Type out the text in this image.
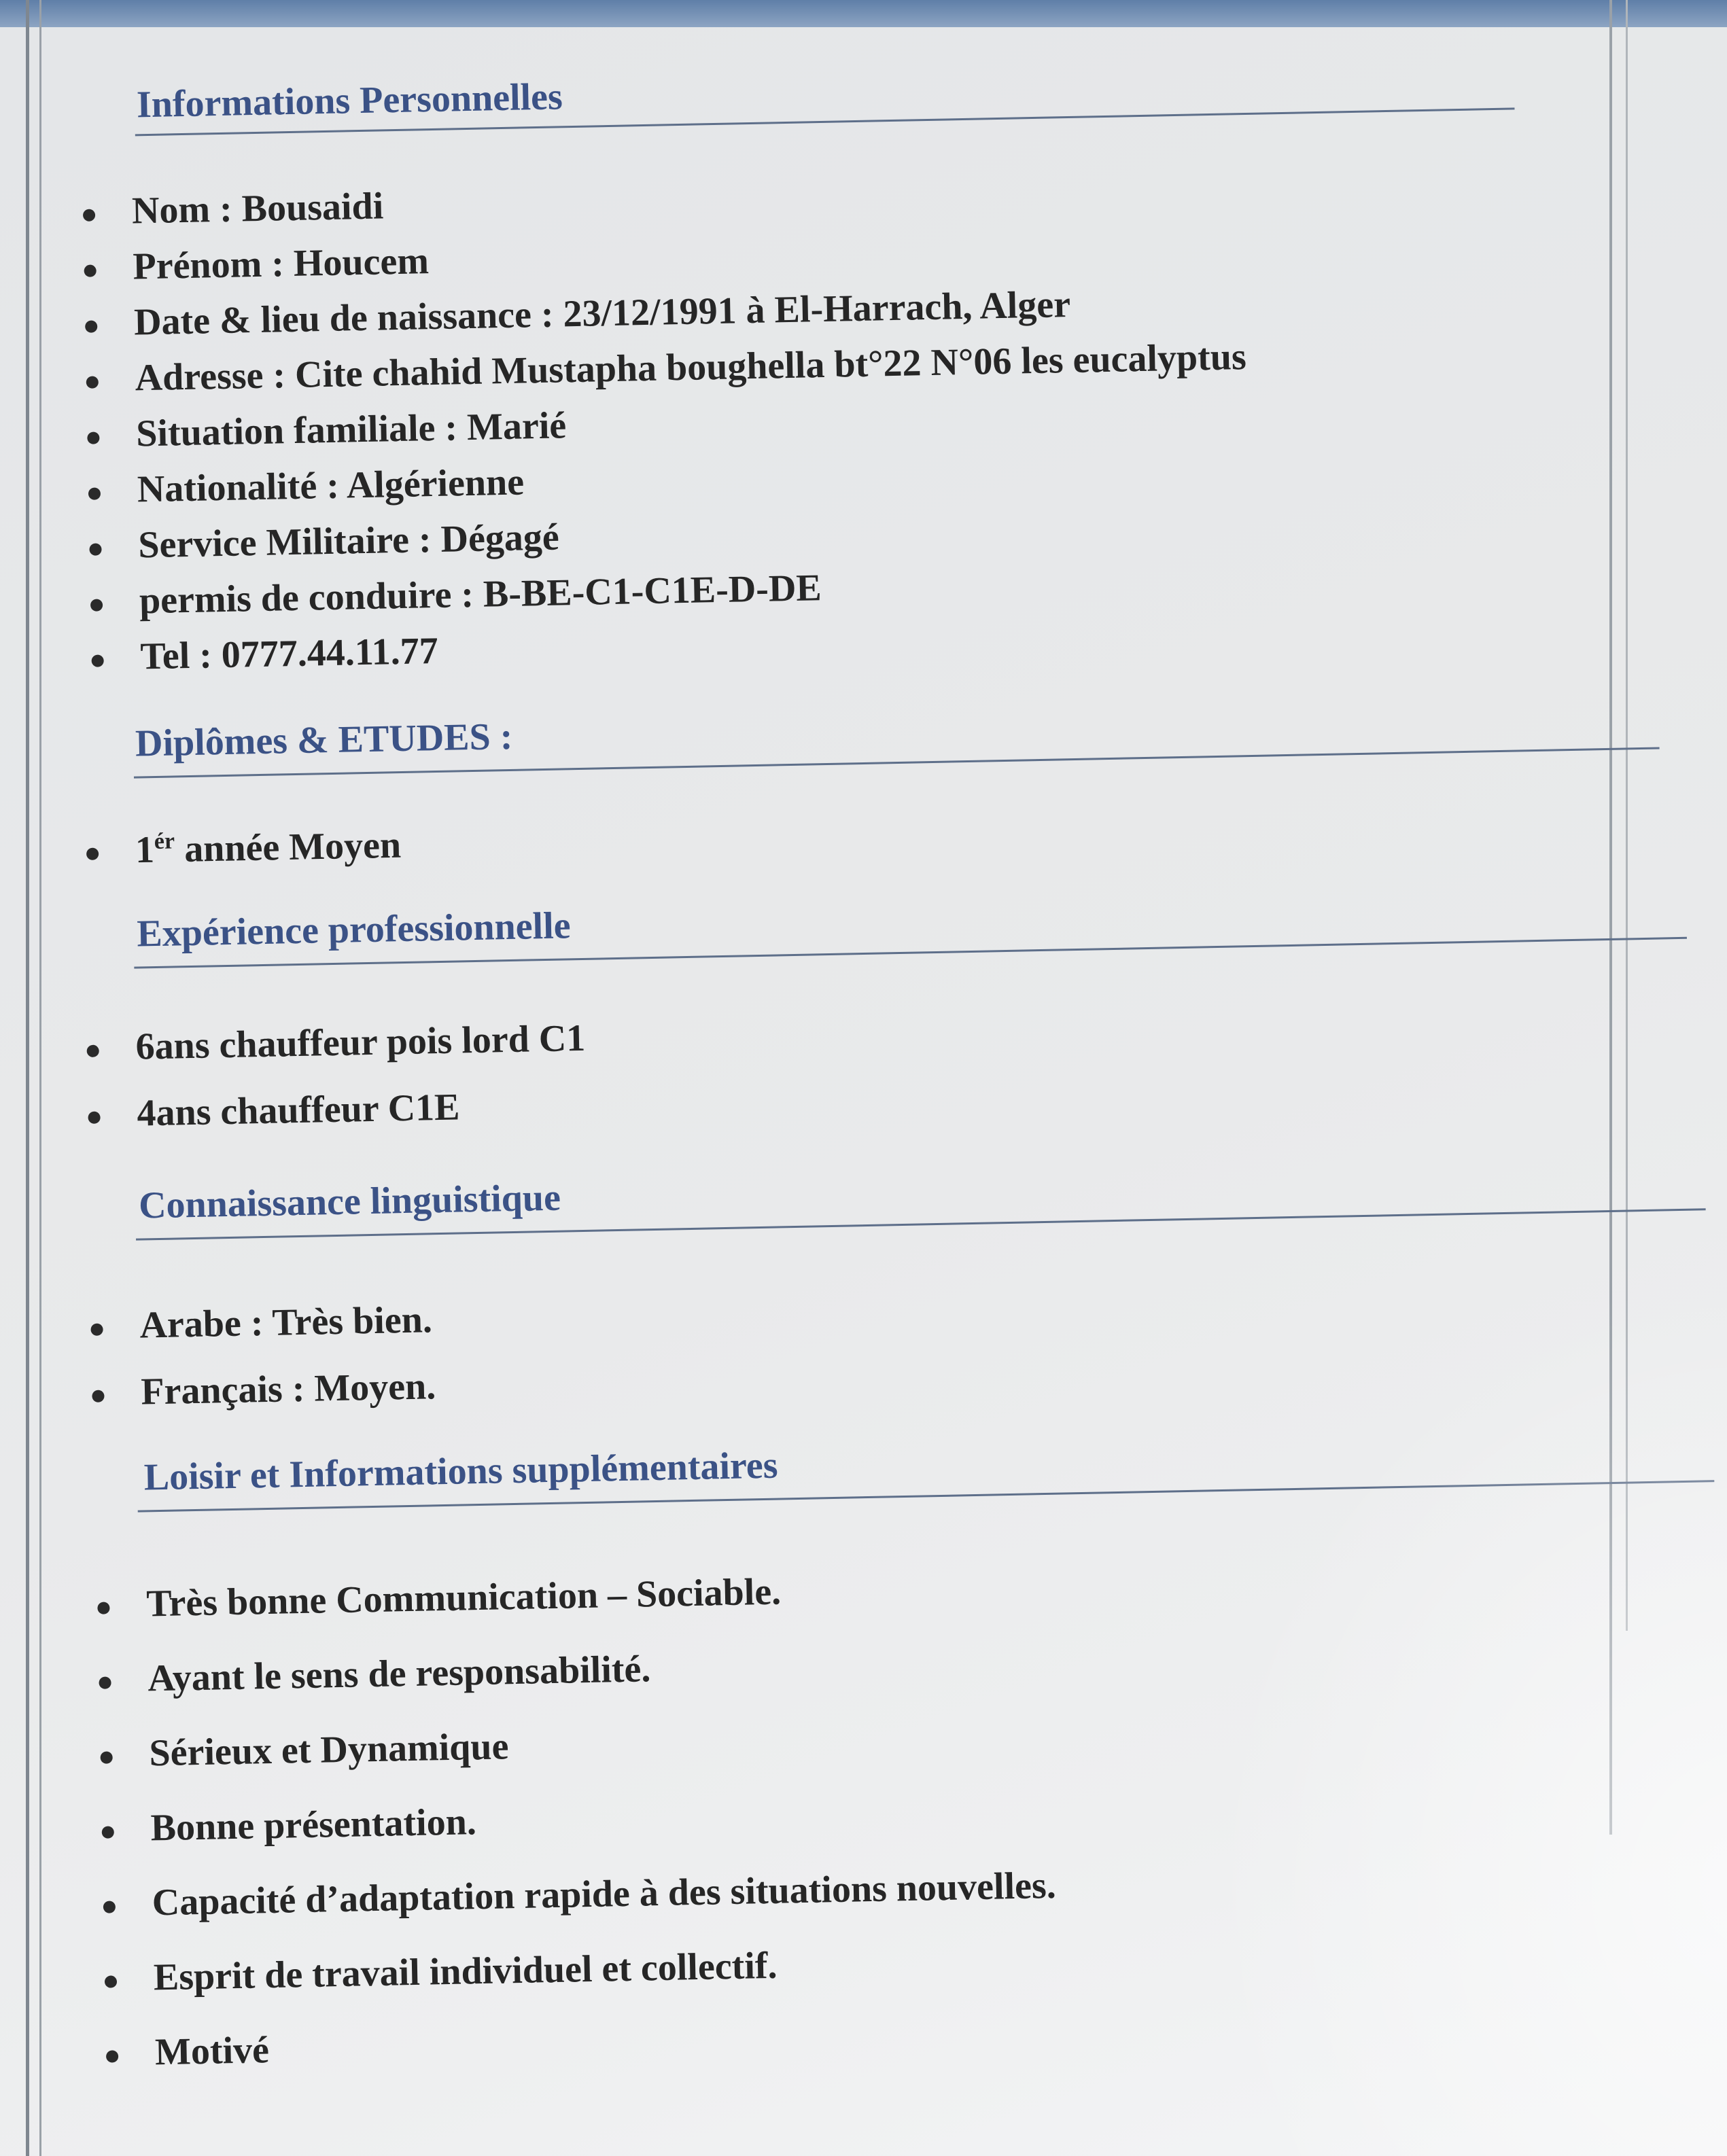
Informations Personnelles
Nom : Bousaidi
Prénom : Houcem
Date & lieu de naissance : 23/12/1991 à El-Harrach, Alger
Adresse : Cite chahid Mustapha boughella bt°22 N°06 les eucalyptus
Situation familiale : Marié
Nationalité : Algérienne
Service Militaire : Dégagé
permis de conduire : B-BE-C1-C1E-D-DE
Tel : 0777.44.11.77
Diplômes & ETUDES :
$1^{ér}$ année Moyen
Expérience professionnelle
6ans chauffeur pois lord C1
4ans chauffeur C1E
Connaissance linguistique
Arabe : Très bien.
Français : Moyen.
Loisir et Informations supplémentaires
Très bonne Communication – Sociable.
Ayant le sens de responsabilité.
Sérieux et Dynamique
Bonne présentation.
Capacité d’adaptation rapide à des situations nouvelles.
Esprit de travail individuel et collectif.
Motivé
